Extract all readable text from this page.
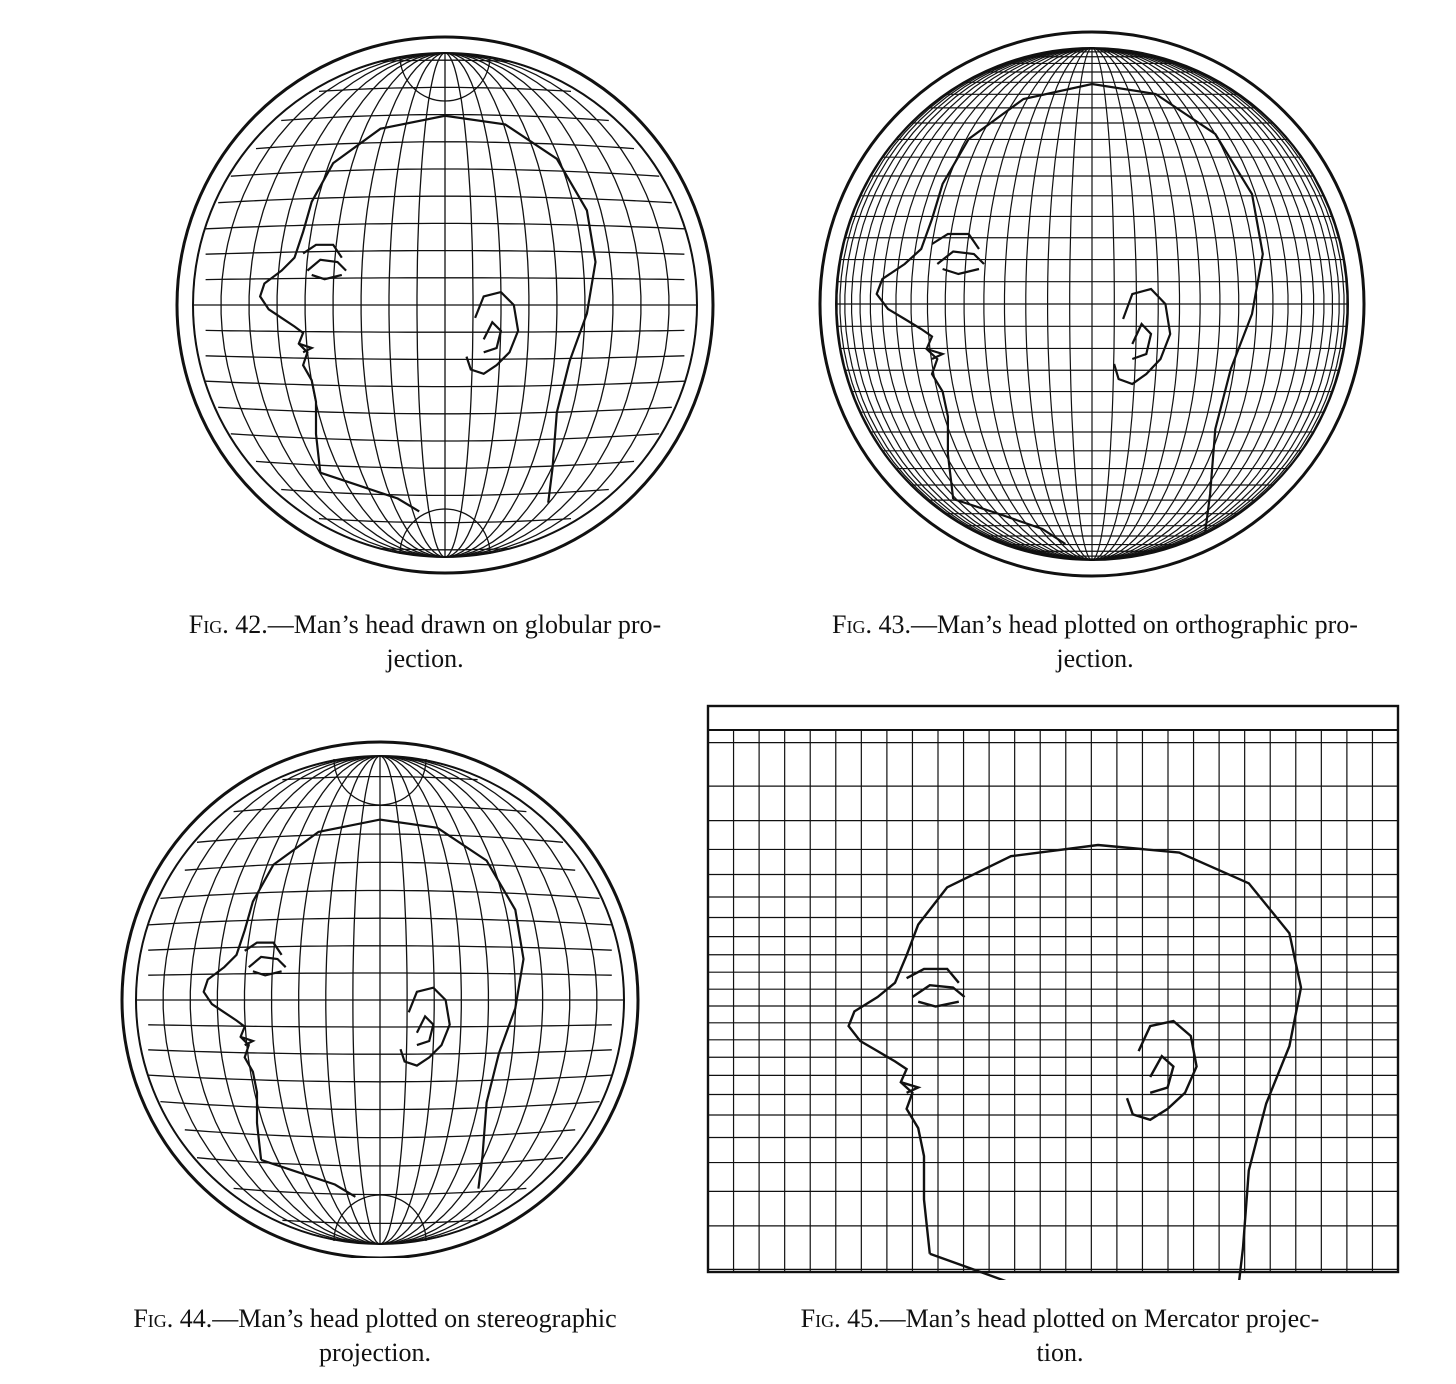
Fig. 42.—Man’s head drawn on globular pro-
jection.
Fig. 43.—Man’s head plotted on orthographic pro-
jection.
Fig. 44.—Man’s head plotted on stereographic
projection.
Fig. 45.—Man’s head plotted on Mercator projec-
tion.
